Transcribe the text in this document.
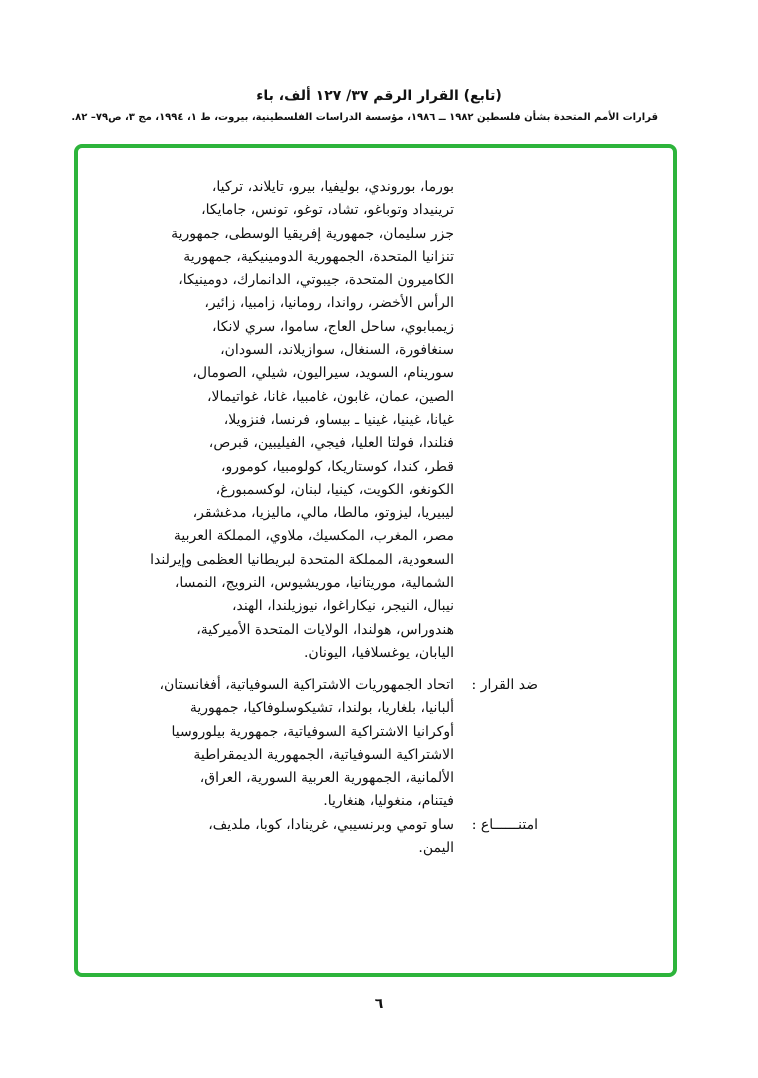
(تابع) القرار الرقم ٣٧/ ١٢٧ ألف، باء
قرارات الأمم المتحدة بشأن فلسطين ١٩٨٢ ــ ١٩٨٦، مؤسسة الدراسات الفلسطينية، بيروت، ط ١، ١٩٩٤، مج ٣، ص٧٩– ٨٢.
بورما، بوروندي، بوليفيا، بيرو، تايلاند، تركيا،
ترينيداد وتوباغو، تشاد، توغو، تونس، جامايكا،
جزر سليمان، جمهورية إفريقيا الوسطى، جمهورية
تنزانيا المتحدة، الجمهورية الدومينيكية، جمهورية
الكاميرون المتحدة، جيبوتي، الدانمارك، دومينيكا،
الرأس الأخضر، رواندا، رومانيا، زامبيا، زائير،
زيمبابوي، ساحل العاج، ساموا، سري لانكا،
سنغافورة، السنغال، سوازيلاند، السودان،
سورينام، السويد، سيراليون، شيلي، الصومال،
الصين، عمان، غابون، غامبيا، غانا، غواتيمالا،
غيانا، غينيا، غينيا ـ بيساو، فرنسا، فنزويلا،
فنلندا، فولتا العليا، فيجي، الفيليبين، قبرص،
قطر، كندا، كوستاريكا، كولومبيا، كومورو،
الكونغو، الكويت، كينيا، لبنان، لوكسمبورغ،
ليبيريا، ليزوتو، مالطا، مالي، ماليزيا، مدغشقر،
مصر، المغرب، المكسيك، ملاوي، المملكة العربية
السعودية، المملكة المتحدة لبريطانيا العظمى وإيرلندا
الشمالية، موريتانيا، موريشيوس، النرويج، النمسا،
نيبال، النيجر، نيكاراغوا، نيوزيلندا، الهند،
هندوراس، هولندا، الولايات المتحدة الأميركية،
اليابان، يوغسلافيا، اليونان.
ضد القرار :
اتحاد الجمهوريات الاشتراكية السوفياتية، أفغانستان،
ألبانيا، بلغاريا، بولندا، تشيكوسلوفاكيا، جمهورية
أوكرانيا الاشتراكية السوفياتية، جمهورية بيلوروسيا
الاشتراكية السوفياتية، الجمهورية الديمقراطية
الألمانية، الجمهورية العربية السورية، العراق،
فيتنام، منغوليا، هنغاريا.
امتنــــــاع :
ساو تومي وبرنسيبي، غرينادا، كوبا، ملديف،
اليمن.
٦
